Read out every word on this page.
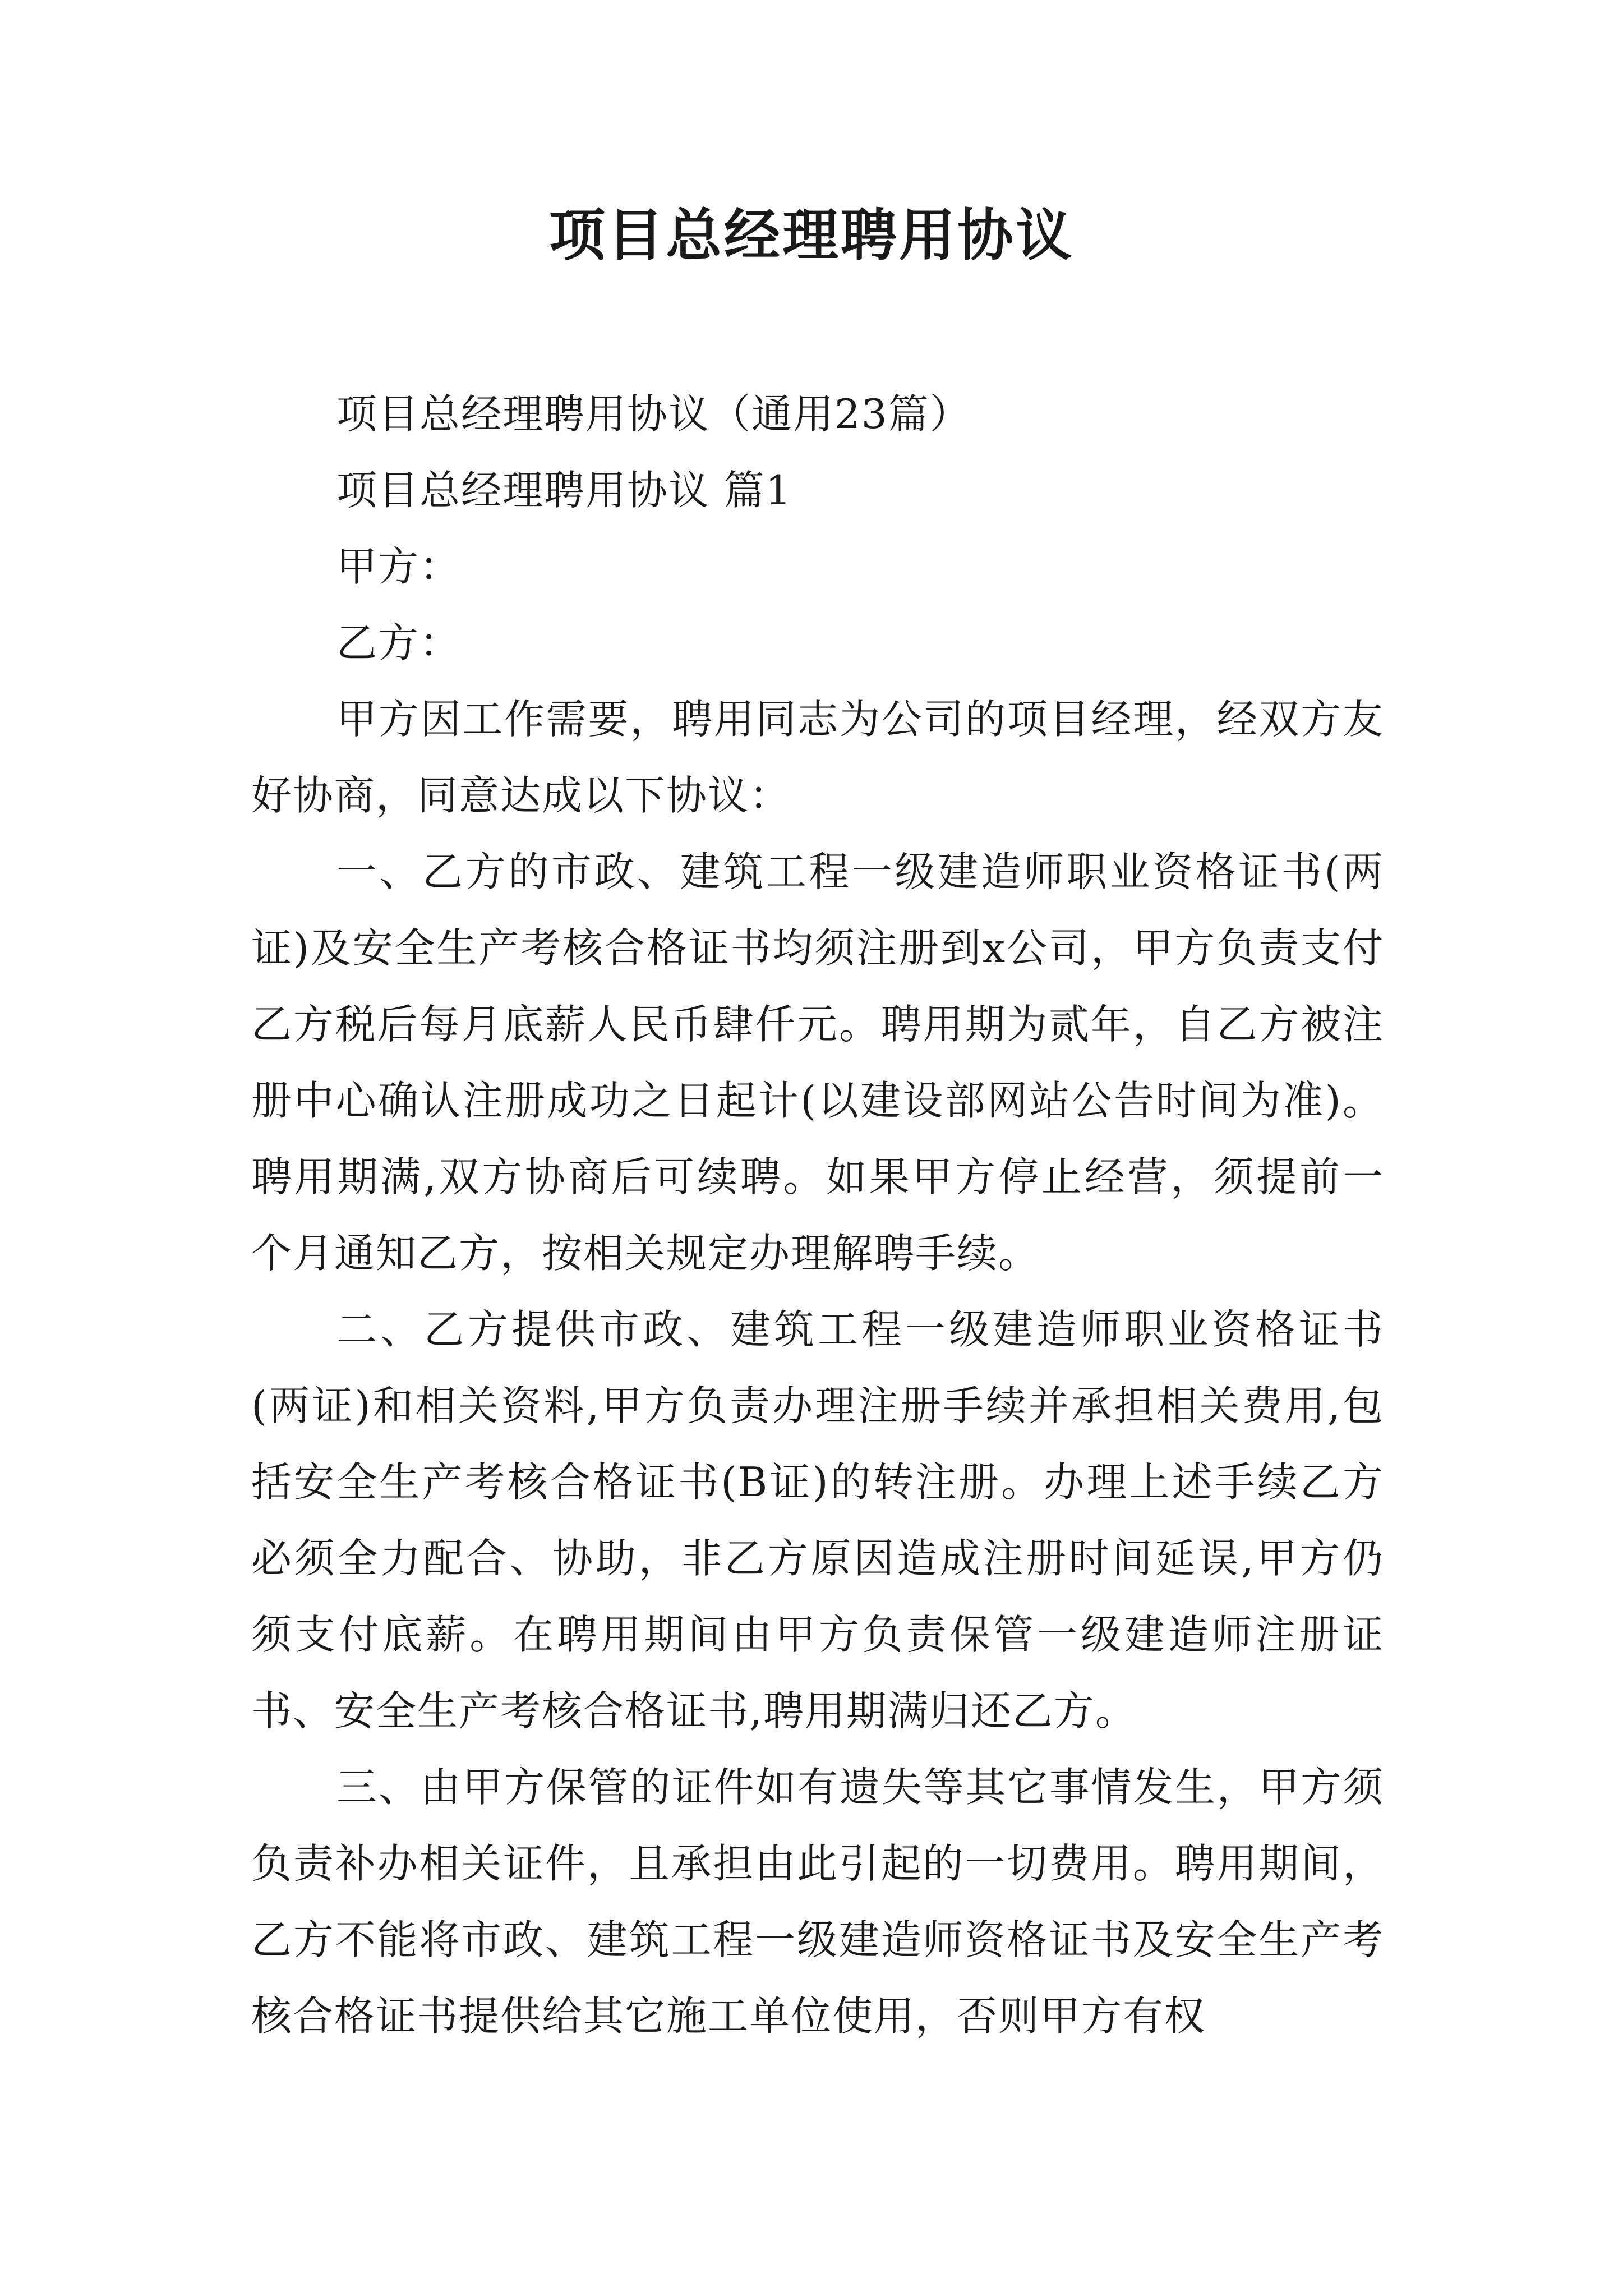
项目总经理聘用协议

项目总经理聘用协议（通用23篇）

项目总经理聘用协议 篇1

甲方：

乙方：

甲方因工作需要，聘用同志为公司的项目经理，经双方友好协商，同意达成以下协议：

一、乙方的市政、建筑工程一级建造师职业资格证书(两证)及安全生产考核合格证书均须注册到x公司，甲方负责支付乙方税后每月底薪人民币肆仟元。聘用期为贰年，自乙方被注册中心确认注册成功之日起计(以建设部网站公告时间为准)。聘用期满,双方协商后可续聘。如果甲方停止经营，须提前一个月通知乙方，按相关规定办理解聘手续。

二、乙方提供市政、建筑工程一级建造师职业资格证书(两证)和相关资料,甲方负责办理注册手续并承担相关费用,包括安全生产考核合格证书(B证)的转注册。办理上述手续乙方必须全力配合、协助，非乙方原因造成注册时间延误,甲方仍须支付底薪。在聘用期间由甲方负责保管一级建造师注册证书、安全生产考核合格证书,聘用期满归还乙方。

三、由甲方保管的证件如有遗失等其它事情发生，甲方须负责补办相关证件，且承担由此引起的一切费用。聘用期间，乙方不能将市政、建筑工程一级建造师资格证书及安全生产考核合格证书提供给其它施工单位使用，否则甲方有权
